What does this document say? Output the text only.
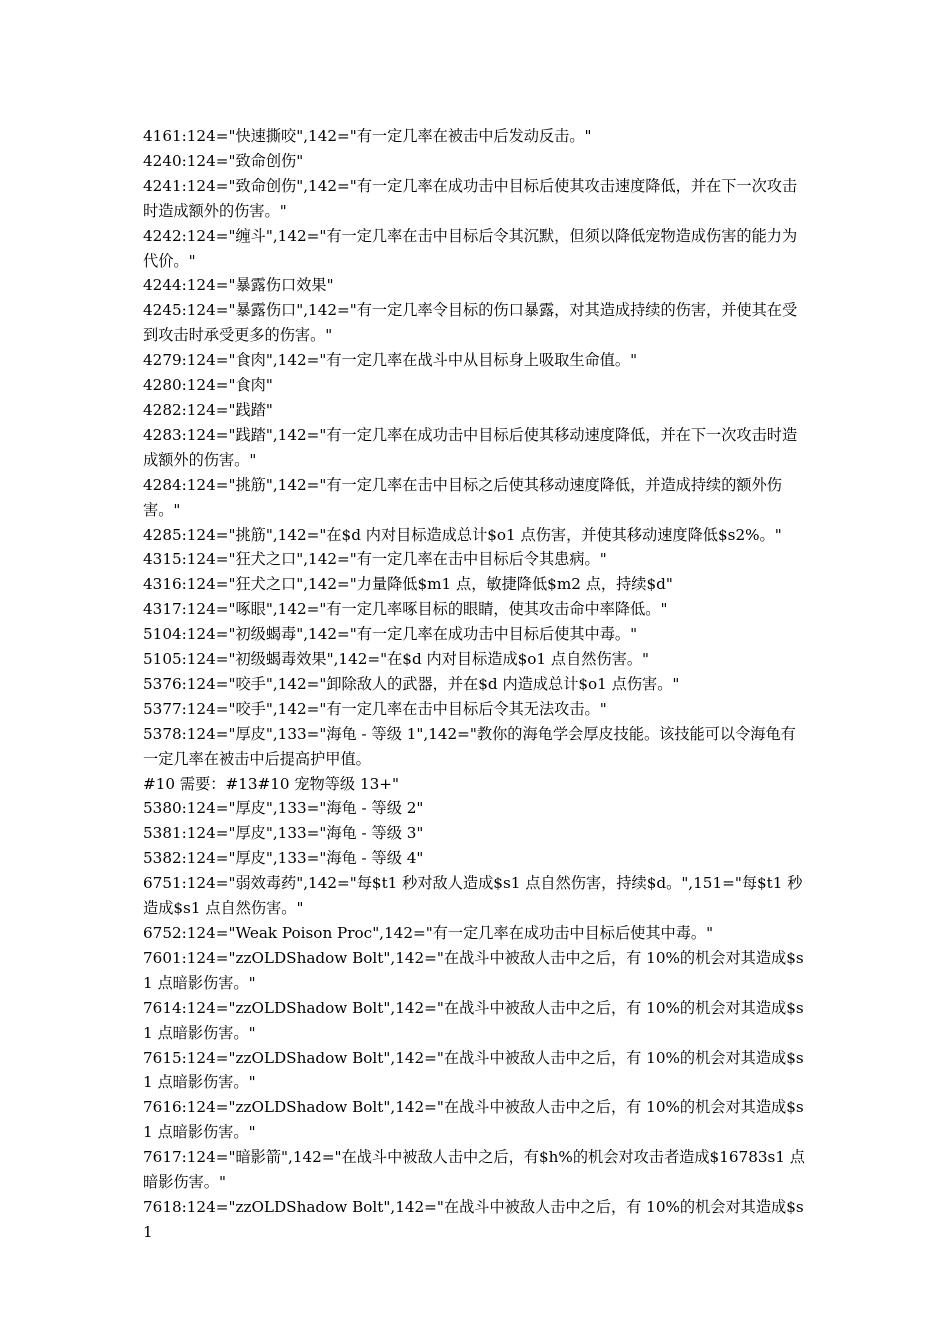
4161:124="快速撕咬",142="有一定几率在被击中后发动反击。"

4240:124="致命创伤"

4241:124="致命创伤",142="有一定几率在成功击中目标后使其攻击速度降低，并在下一次攻击时造成额外的伤害。"

4242:124="缠斗",142="有一定几率在击中目标后令其沉默，但须以降低宠物造成伤害的能力为代价。"

4244:124="暴露伤口效果"

4245:124="暴露伤口",142="有一定几率令目标的伤口暴露，对其造成持续的伤害，并使其在受到攻击时承受更多的伤害。"

4279:124="食肉",142="有一定几率在战斗中从目标身上吸取生命值。"

4280:124="食肉"

4282:124="践踏"

4283:124="践踏",142="有一定几率在成功击中目标后使其移动速度降低，并在下一次攻击时造成额外的伤害。"

4284:124="挑筋",142="有一定几率在击中目标之后使其移动速度降低，并造成持续的额外伤害。"

4285:124="挑筋",142="在$d 内对目标造成总计$o1 点伤害，并使其移动速度降低$s2%。"

4315:124="狂犬之口",142="有一定几率在击中目标后令其患病。"

4316:124="狂犬之口",142="力量降低$m1 点，敏捷降低$m2 点，持续$d"

4317:124="啄眼",142="有一定几率啄目标的眼睛，使其攻击命中率降低。"

5104:124="初级蝎毒",142="有一定几率在成功击中目标后使其中毒。"

5105:124="初级蝎毒效果",142="在$d 内对目标造成$o1 点自然伤害。"

5376:124="咬手",142="卸除敌人的武器，并在$d 内造成总计$o1 点伤害。"

5377:124="咬手",142="有一定几率在击中目标后令其无法攻击。"

5378:124="厚皮",133="海龟 - 等级 1",142="教你的海龟学会厚皮技能。该技能可以令海龟有一定几率在被击中后提高护甲值。

#10 需要：#13#10 宠物等级 13+"

5380:124="厚皮",133="海龟 - 等级 2"

5381:124="厚皮",133="海龟 - 等级 3"

5382:124="厚皮",133="海龟 - 等级 4"

6751:124="弱效毒药",142="每$t1 秒对敌人造成$s1 点自然伤害，持续$d。",151="每$t1 秒造成$s1 点自然伤害。"

6752:124="Weak Poison Proc",142="有一定几率在成功击中目标后使其中毒。"

7601:124="zzOLDShadow Bolt",142="在战斗中被敌人击中之后，有 10%的机会对其造成$s1 点暗影伤害。"

7614:124="zzOLDShadow Bolt",142="在战斗中被敌人击中之后，有 10%的机会对其造成$s1 点暗影伤害。"

7615:124="zzOLDShadow Bolt",142="在战斗中被敌人击中之后，有 10%的机会对其造成$s1 点暗影伤害。"

7616:124="zzOLDShadow Bolt",142="在战斗中被敌人击中之后，有 10%的机会对其造成$s1 点暗影伤害。"

7617:124="暗影箭",142="在战斗中被敌人击中之后，有$h%的机会对攻击者造成$16783s1 点暗影伤害。"

7618:124="zzOLDShadow Bolt",142="在战斗中被敌人击中之后，有 10%的机会对其造成$s1
